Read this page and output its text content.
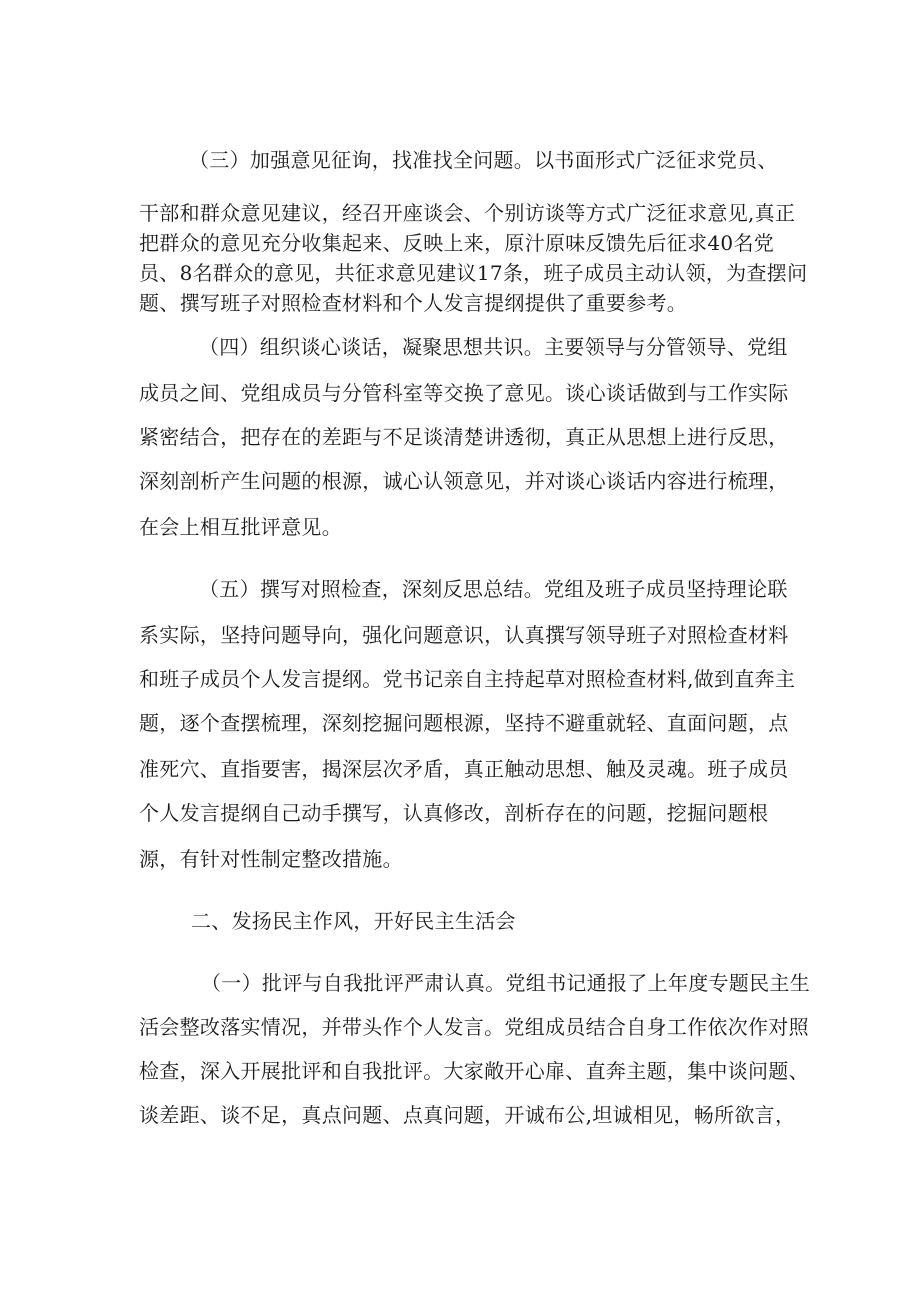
（三）加强意见征询，找准找全问题。以书面形式广泛征求党员、
干部和群众意见建议，经召开座谈会、个别访谈等方式广泛征求意见,真正
把群众的意见充分收集起来、反映上来，原汁原味反馈先后征求40名党
员、8名群众的意见，共征求意见建议17条，班子成员主动认领，为查摆问
题、撰写班子对照检查材料和个人发言提纲提供了重要参考。
（四）组织谈心谈话，凝聚思想共识。主要领导与分管领导、党组
成员之间、党组成员与分管科室等交换了意见。谈心谈话做到与工作实际
紧密结合，把存在的差距与不足谈清楚讲透彻，真正从思想上进行反思，
深刻剖析产生问题的根源，诚心认领意见，并对谈心谈话内容进行梳理，
在会上相互批评意见。
（五）撰写对照检查，深刻反思总结。党组及班子成员坚持理论联
系实际，坚持问题导向，强化问题意识，认真撰写领导班子对照检查材料
和班子成员个人发言提纲。党书记亲自主持起草对照检查材料,做到直奔主
题，逐个查摆梳理，深刻挖掘问题根源，坚持不避重就轻、直面问题，点
准死穴、直指要害，揭深层次矛盾，真正触动思想、触及灵魂。班子成员
个人发言提纲自己动手撰写，认真修改，剖析存在的问题，挖掘问题根
源，有针对性制定整改措施。
二、发扬民主作风，开好民主生活会
（一）批评与自我批评严肃认真。党组书记通报了上年度专题民主生
活会整改落实情况，并带头作个人发言。党组成员结合自身工作依次作对照
检查，深入开展批评和自我批评。大家敞开心扉、直奔主题，集中谈问题、
谈差距、谈不足，真点问题、点真问题，开诚布公,坦诚相见，畅所欲言，
